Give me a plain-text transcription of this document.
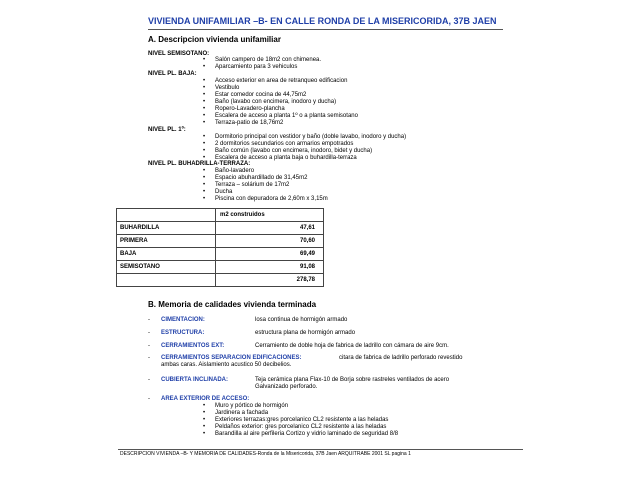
VIVIENDA UNIFAMILIAR –B- EN CALLE RONDA DE LA MISERICORIDA, 37B JAEN
A. Descripcion vivienda unifamiliar
NIVEL SEMISOTANO:
• Salón campero de 18m2 con chimenea.
• Aparcamiento para 3 vehiculos
NIVEL PL. BAJA:
• Acceso exterior en area de retranqueo edificacion
• Vestibulo
• Estar comedor cocina de 44,75m2
• Baño (lavabo con encimera, inodoro y ducha)
• Ropero-Lavadero-plancha
• Escalera de acceso a planta 1º o a planta semisotano
• Terraza-patio de 18,76m2
NIVEL PL. 1º:
• Dormitorio principal con vestidor y baño (doble lavabo, inodoro y ducha)
• 2 dormitorios secundarios con armarios empotrados
• Baño común (lavabo con encimera, inodoro, bidet y ducha)
• Escalera de acceso a planta baja o buhardilla-terraza
NIVEL PL. BUHADRILLA-TERRAZA:
• Baño-lavadero
• Espacio abuhardillado de 31,45m2
• Terraza – solárium de 17m2
• Ducha
• Piscina con depuradora de 2,60m x 3,15m
	m2 construidos
BUHARDILLA	47,61
PRIMERA	70,60
BAJA	69,49
SEMISOTANO	91,08
	278,78
B. Memoria de calidades vivienda terminada
- CIMENTACION:	losa continua de hormigón armado
- ESTRUCTURA:	estructura plana de hormigón armado
- CERRAMIENTOS EXT:	Cerramiento de doble hoja de fabrica de ladrillo con cámara de aire 9cm.
- CERRAMIENTOS SEPARACION EDIFICACIONES:	citara de fabrica de ladrillo perforado revestido
ambas caras. Aislamiento acustico 50 decibelios.
- CUBIERTA INCLINADA:	Teja cerámica plana Flax-10 de Borja sobre rastreles ventilados de acero
Galvanizado perforado.
- AREA EXTERIOR DE ACCESO:
• Muro y pórtico de hormigón
• Jardinera a fachada
• Exteriores terrazas:gres porcelanico CL2 resistente a las heladas
• Peldaños exterior: gres porcelanico CL2 resistente a las heladas
• Barandilla al aire perfileria Cortizo y vidrio laminado de seguridad 8/8
DESCRIPCION VIVIENDA –B- Y MEMORIA DE CALIDADES-Ronda de la Misericorida, 37B Jaen ARQUITRABE 2001 SL pagina 1
